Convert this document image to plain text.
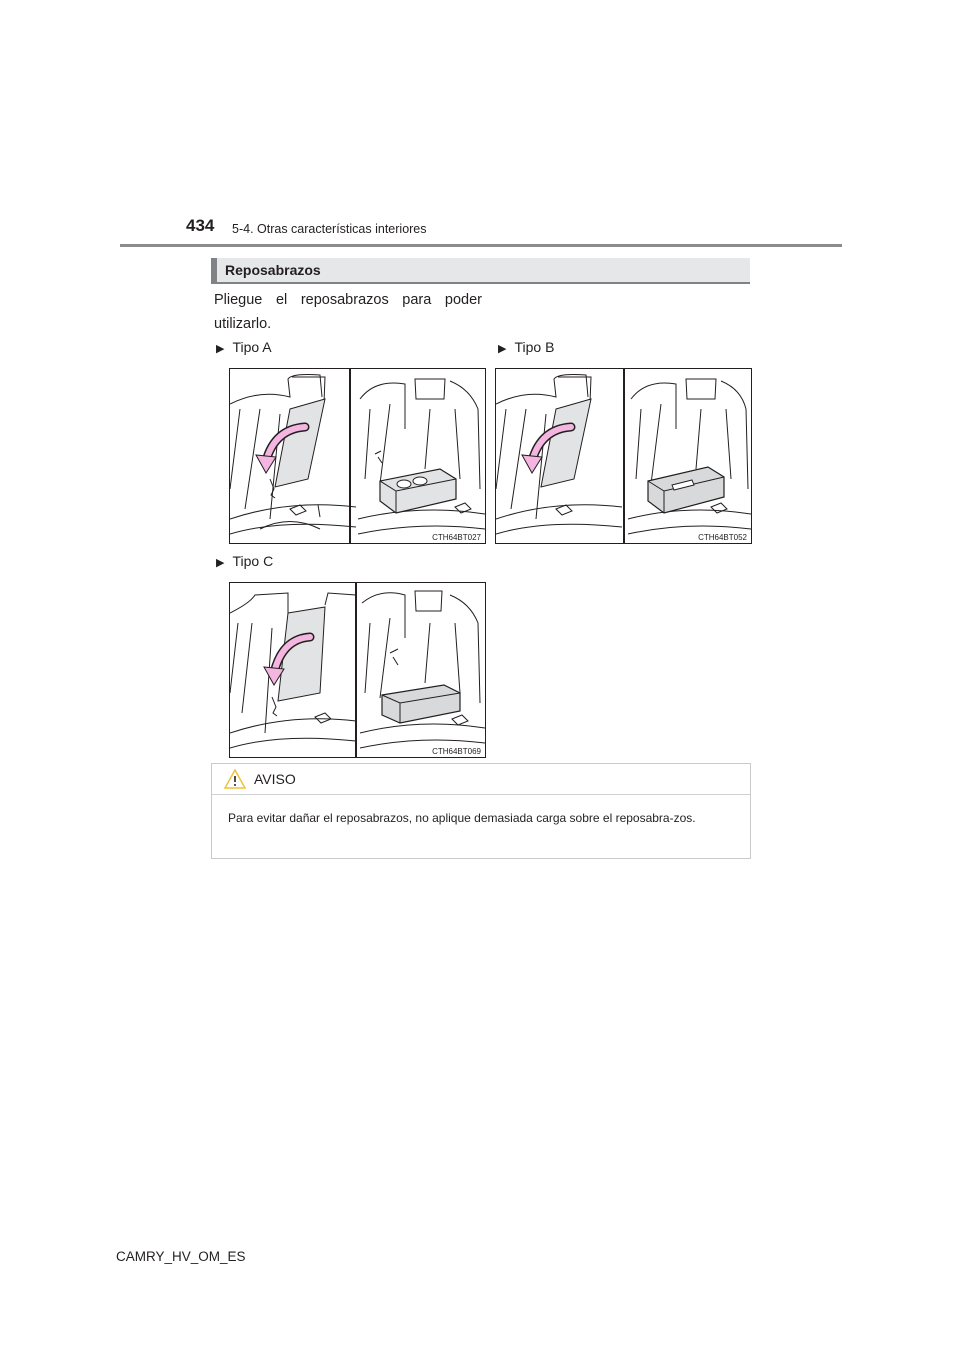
434 5-4. Otras características interiores
Reposabrazos
Pliegue el reposabrazos para poder utilizarlo.
▶ Tipo A	▶ Tipo B
▶ Tipo C
CTH64BT027	CTH64BT052
CTH64BT069
AVISO
Para evitar dañar el reposabrazos, no aplique demasiada carga sobre el reposabra-zos.
CAMRY_HV_OM_ES
